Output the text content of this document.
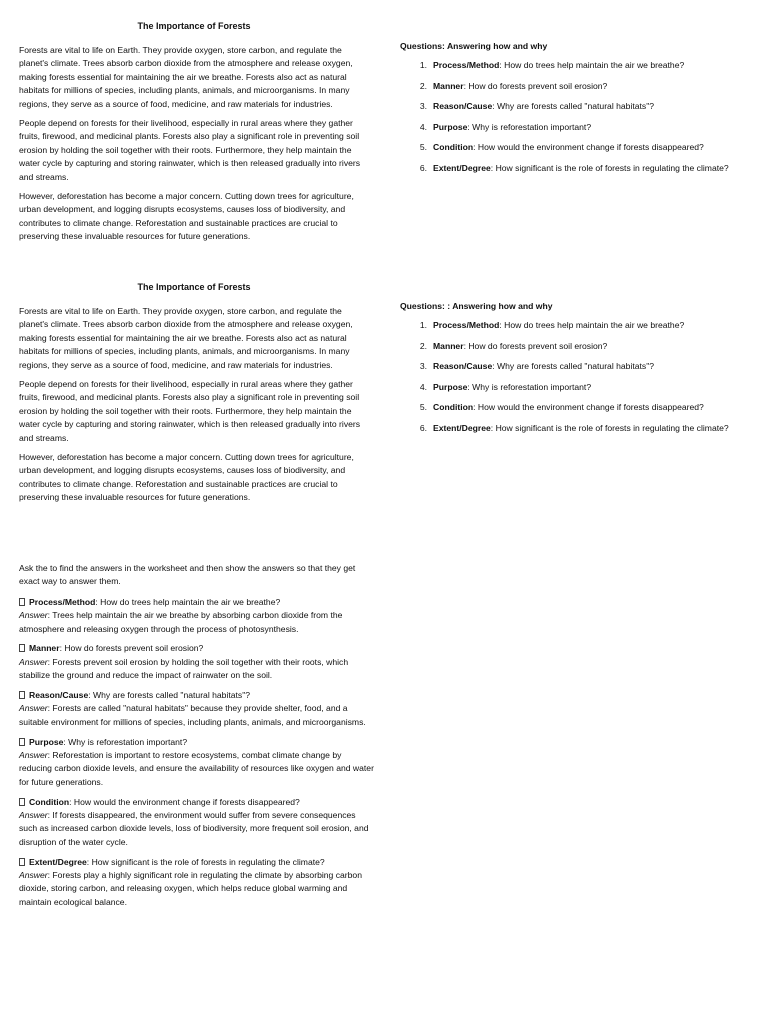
The Importance of Forests

Forests are vital to life on Earth. They provide oxygen, store carbon, and regulate the planet's climate. Trees absorb carbon dioxide from the atmosphere and release oxygen, making forests essential for maintaining the air we breathe. Forests also act as natural habitats for millions of species, including plants, animals, and microorganisms. In many regions, they serve as a source of food, medicine, and raw materials for industries.

People depend on forests for their livelihood, especially in rural areas where they gather fruits, firewood, and medicinal plants. Forests also play a significant role in preventing soil erosion by holding the soil together with their roots. Furthermore, they help maintain the water cycle by capturing and storing rainwater, which is then released gradually into rivers and streams.

However, deforestation has become a major concern. Cutting down trees for agriculture, urban development, and logging disrupts ecosystems, causes loss of biodiversity, and contributes to climate change. Reforestation and sustainable practices are crucial to preserving these invaluable resources for future generations.

Questions: Answering how and why
1. Process/Method: How do trees help maintain the air we breathe?
2. Manner: How do forests prevent soil erosion?
3. Reason/Cause: Why are forests called "natural habitats"?
4. Purpose: Why is reforestation important?
5. Condition: How would the environment change if forests disappeared?
6. Extent/Degree: How significant is the role of forests in regulating the climate?
The Importance of Forests

Forests are vital to life on Earth. They provide oxygen, store carbon, and regulate the planet's climate. Trees absorb carbon dioxide from the atmosphere and release oxygen, making forests essential for maintaining the air we breathe. Forests also act as natural habitats for millions of species, including plants, animals, and microorganisms. In many regions, they serve as a source of food, medicine, and raw materials for industries.

People depend on forests for their livelihood, especially in rural areas where they gather fruits, firewood, and medicinal plants. Forests also play a significant role in preventing soil erosion by holding the soil together with their roots. Furthermore, they help maintain the water cycle by capturing and storing rainwater, which is then released gradually into rivers and streams.

However, deforestation has become a major concern. Cutting down trees for agriculture, urban development, and logging disrupts ecosystems, causes loss of biodiversity, and contributes to climate change. Reforestation and sustainable practices are crucial to preserving these invaluable resources for future generations.

Questions: : Answering how and why
1. Process/Method: How do trees help maintain the air we breathe?
2. Manner: How do forests prevent soil erosion?
3. Reason/Cause: Why are forests called "natural habitats"?
4. Purpose: Why is reforestation important?
5. Condition: How would the environment change if forests disappeared?
6. Extent/Degree: How significant is the role of forests in regulating the climate?

Ask the to find the answers in the worksheet and then show the answers so that they get exact way to answer them.

Process/Method: How do trees help maintain the air we breathe?
Answer: Trees help maintain the air we breathe by absorbing carbon dioxide from the atmosphere and releasing oxygen through the process of photosynthesis.
Manner: How do forests prevent soil erosion?
Answer: Forests prevent soil erosion by holding the soil together with their roots, which stabilize the ground and reduce the impact of rainwater on the soil.
Reason/Cause: Why are forests called "natural habitats"?
Answer: Forests are called "natural habitats" because they provide shelter, food, and a suitable environment for millions of species, including plants, animals, and microorganisms.
Purpose: Why is reforestation important?
Answer: Reforestation is important to restore ecosystems, combat climate change by reducing carbon dioxide levels, and ensure the availability of resources like oxygen and water for future generations.
Condition: How would the environment change if forests disappeared?
Answer: If forests disappeared, the environment would suffer from severe consequences such as increased carbon dioxide levels, loss of biodiversity, more frequent soil erosion, and disruption of the water cycle.
Extent/Degree: How significant is the role of forests in regulating the climate?
Answer: Forests play a highly significant role in regulating the climate by absorbing carbon dioxide, storing carbon, and releasing oxygen, which helps reduce global warming and maintain ecological balance.
